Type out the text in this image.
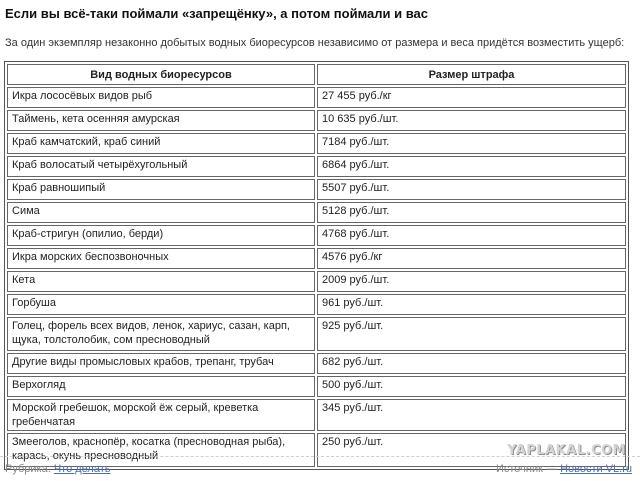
Если вы всё-таки поймали «запрещёнку», а потом поймали и вас
За один экземпляр незаконно добытых водных биоресурсов независимо от размера и веса придётся возместить ущерб:
Вид водных биоресурсов	Размер штрафа
Икра лососёвых видов рыб	27 455 руб./кг
Таймень, кета осенняя амурская	10 635 руб./шт.
Краб камчатский, краб синий	7184 руб./шт.
Краб волосатый четырёхугольный	6864 руб./шт.
Краб равношипый	5507 руб./шт.
Сима	5128 руб./шт.
Краб-стригун (опилио, берди)	4768 руб./шт.
Икра морских беспозвоночных	4576 руб./кг
Кета	2009 руб./шт.
Горбуша	961 руб./шт.
Голец, форель всех видов, ленок, хариус, сазан, карп, щука, толстолобик, сом пресноводный	925 руб./шт.
Другие виды промысловых крабов, трепанг, трубач	682 руб./шт.
Верхогляд	500 руб./шт.
Морской гребешок, морской ёж серый, креветка гребенчатая	345 руб./шт.
Змееголов, краснопёр, косатка (пресноводная рыба), карась, окунь пресноводный	250 руб./шт.
YAPLAKAL.COM
Рубрика: Что делать	Источник — Новости VL.ru
